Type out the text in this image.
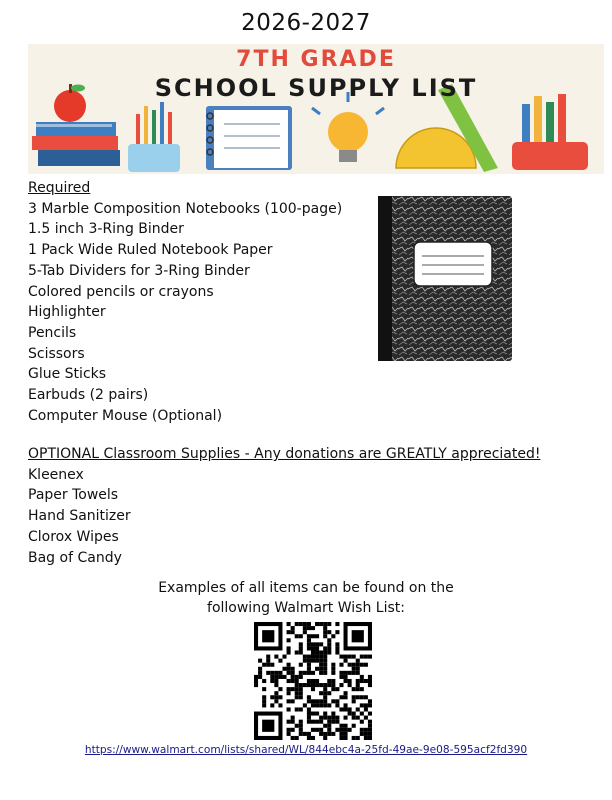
2026-2027
7TH GRADE
SCHOOL SUPPLY LIST
Required
3 Marble Composition Notebooks (100-page)
1.5 inch 3-Ring Binder
1 Pack Wide Ruled Notebook Paper
5-Tab Dividers for 3-Ring Binder
Colored pencils or crayons
Highlighter
Pencils
Scissors
Glue Sticks
Earbuds (2 pairs)
Computer Mouse (Optional)
OPTIONAL Classroom Supplies - Any donations are GREATLY appreciated!
Kleenex
Paper Towels
Hand Sanitizer
Clorox Wipes
Bag of Candy
Examples of all items can be found on the
following Walmart Wish List:
https://www.walmart.com/lists/shared/WL/844ebc4a-25fd-49ae-9e08-595acf2fd390
